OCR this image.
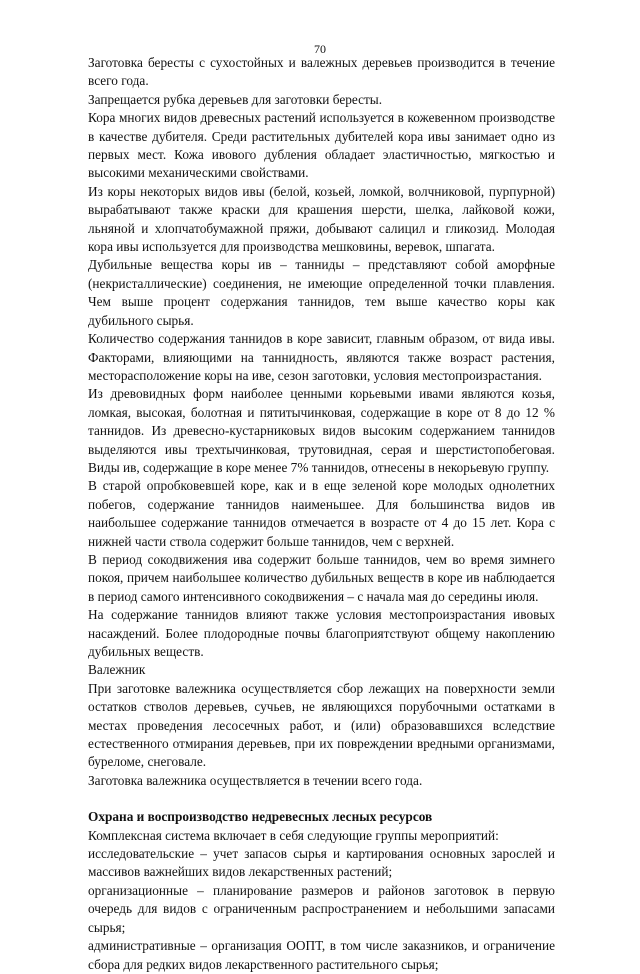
70

Заготовка бересты с сухостойных и валежных деревьев производится в течение всего года.

Запрещается рубка деревьев для заготовки бересты.

Кора многих видов древесных растений используется в кожевенном производстве в качестве дубителя. Среди растительных дубителей кора ивы занимает одно из первых мест. Кожа ивового дубления обладает эластичностью, мягкостью и высокими механическими свойствами.

Из коры некоторых видов ивы (белой, козьей, ломкой, волчниковой, пурпурной) вырабатывают также краски для крашения шерсти, шелка, лайковой кожи, льняной и хлопчатобумажной пряжи, добывают салицил и гликозид. Молодая кора ивы используется для производства мешковины, веревок, шпагата.

Дубильные вещества коры ив – танниды – представляют собой аморфные (некристаллические) соединения, не имеющие определенной точки плавления. Чем выше процент содержания таннидов, тем выше качество коры как дубильного сырья.

Количество содержания таннидов в коре зависит, главным образом, от вида ивы. Факторами, влияющими на таннидность, являются также возраст растения, месторасположение коры на иве, сезон заготовки, условия местопроизрастания.

Из древовидных форм наиболее ценными корьевыми ивами являются козья, ломкая, высокая, болотная и пятитычинковая, содержащие в коре от 8 до 12 % таннидов. Из древесно-кустарниковых видов высоким содержанием таннидов выделяются ивы трехтычинковая, трутовидная, серая и шерстистопобеговая. Виды ив, содержащие в коре менее 7% таннидов, отнесены в некорьевую группу.

В старой опробковевшей коре, как и в еще зеленой коре молодых однолетних побегов, содержание таннидов наименьшее. Для большинства видов ив наибольшее содержание таннидов отмечается в возрасте от 4 до 15 лет. Кора с нижней части ствола содержит больше таннидов, чем с верхней.

В период сокодвижения ива содержит больше таннидов, чем во время зимнего покоя, причем наибольшее количество дубильных веществ в коре ив наблюдается в период самого интенсивного сокодвижения – с начала мая до середины июля.

На содержание таннидов влияют также условия местопроизрастания ивовых насаждений. Более плодородные почвы благоприятствуют общему накоплению дубильных веществ.

Валежник

При заготовке валежника осуществляется сбор лежащих на поверхности земли остатков стволов деревьев, сучьев, не являющихся порубочными остатками в местах проведения лесосечных работ, и (или) образовавшихся вследствие естественного отмирания деревьев, при их повреждении вредными организмами, буреломе, снеговале.

Заготовка валежника осуществляется в течении всего года.

Охрана и воспроизводство недревесных лесных ресурсов

Комплексная система включает в себя следующие группы мероприятий:

исследовательские – учет запасов сырья и картирования основных зарослей и массивов важнейших видов лекарственных растений;

организационные – планирование размеров и районов заготовок в первую очередь для видов с ограниченным распространением и небольшими запасами сырья;

административные – организация ООПТ, в том числе заказников, и ограничение сбора для редких видов лекарственного растительного сырья;
